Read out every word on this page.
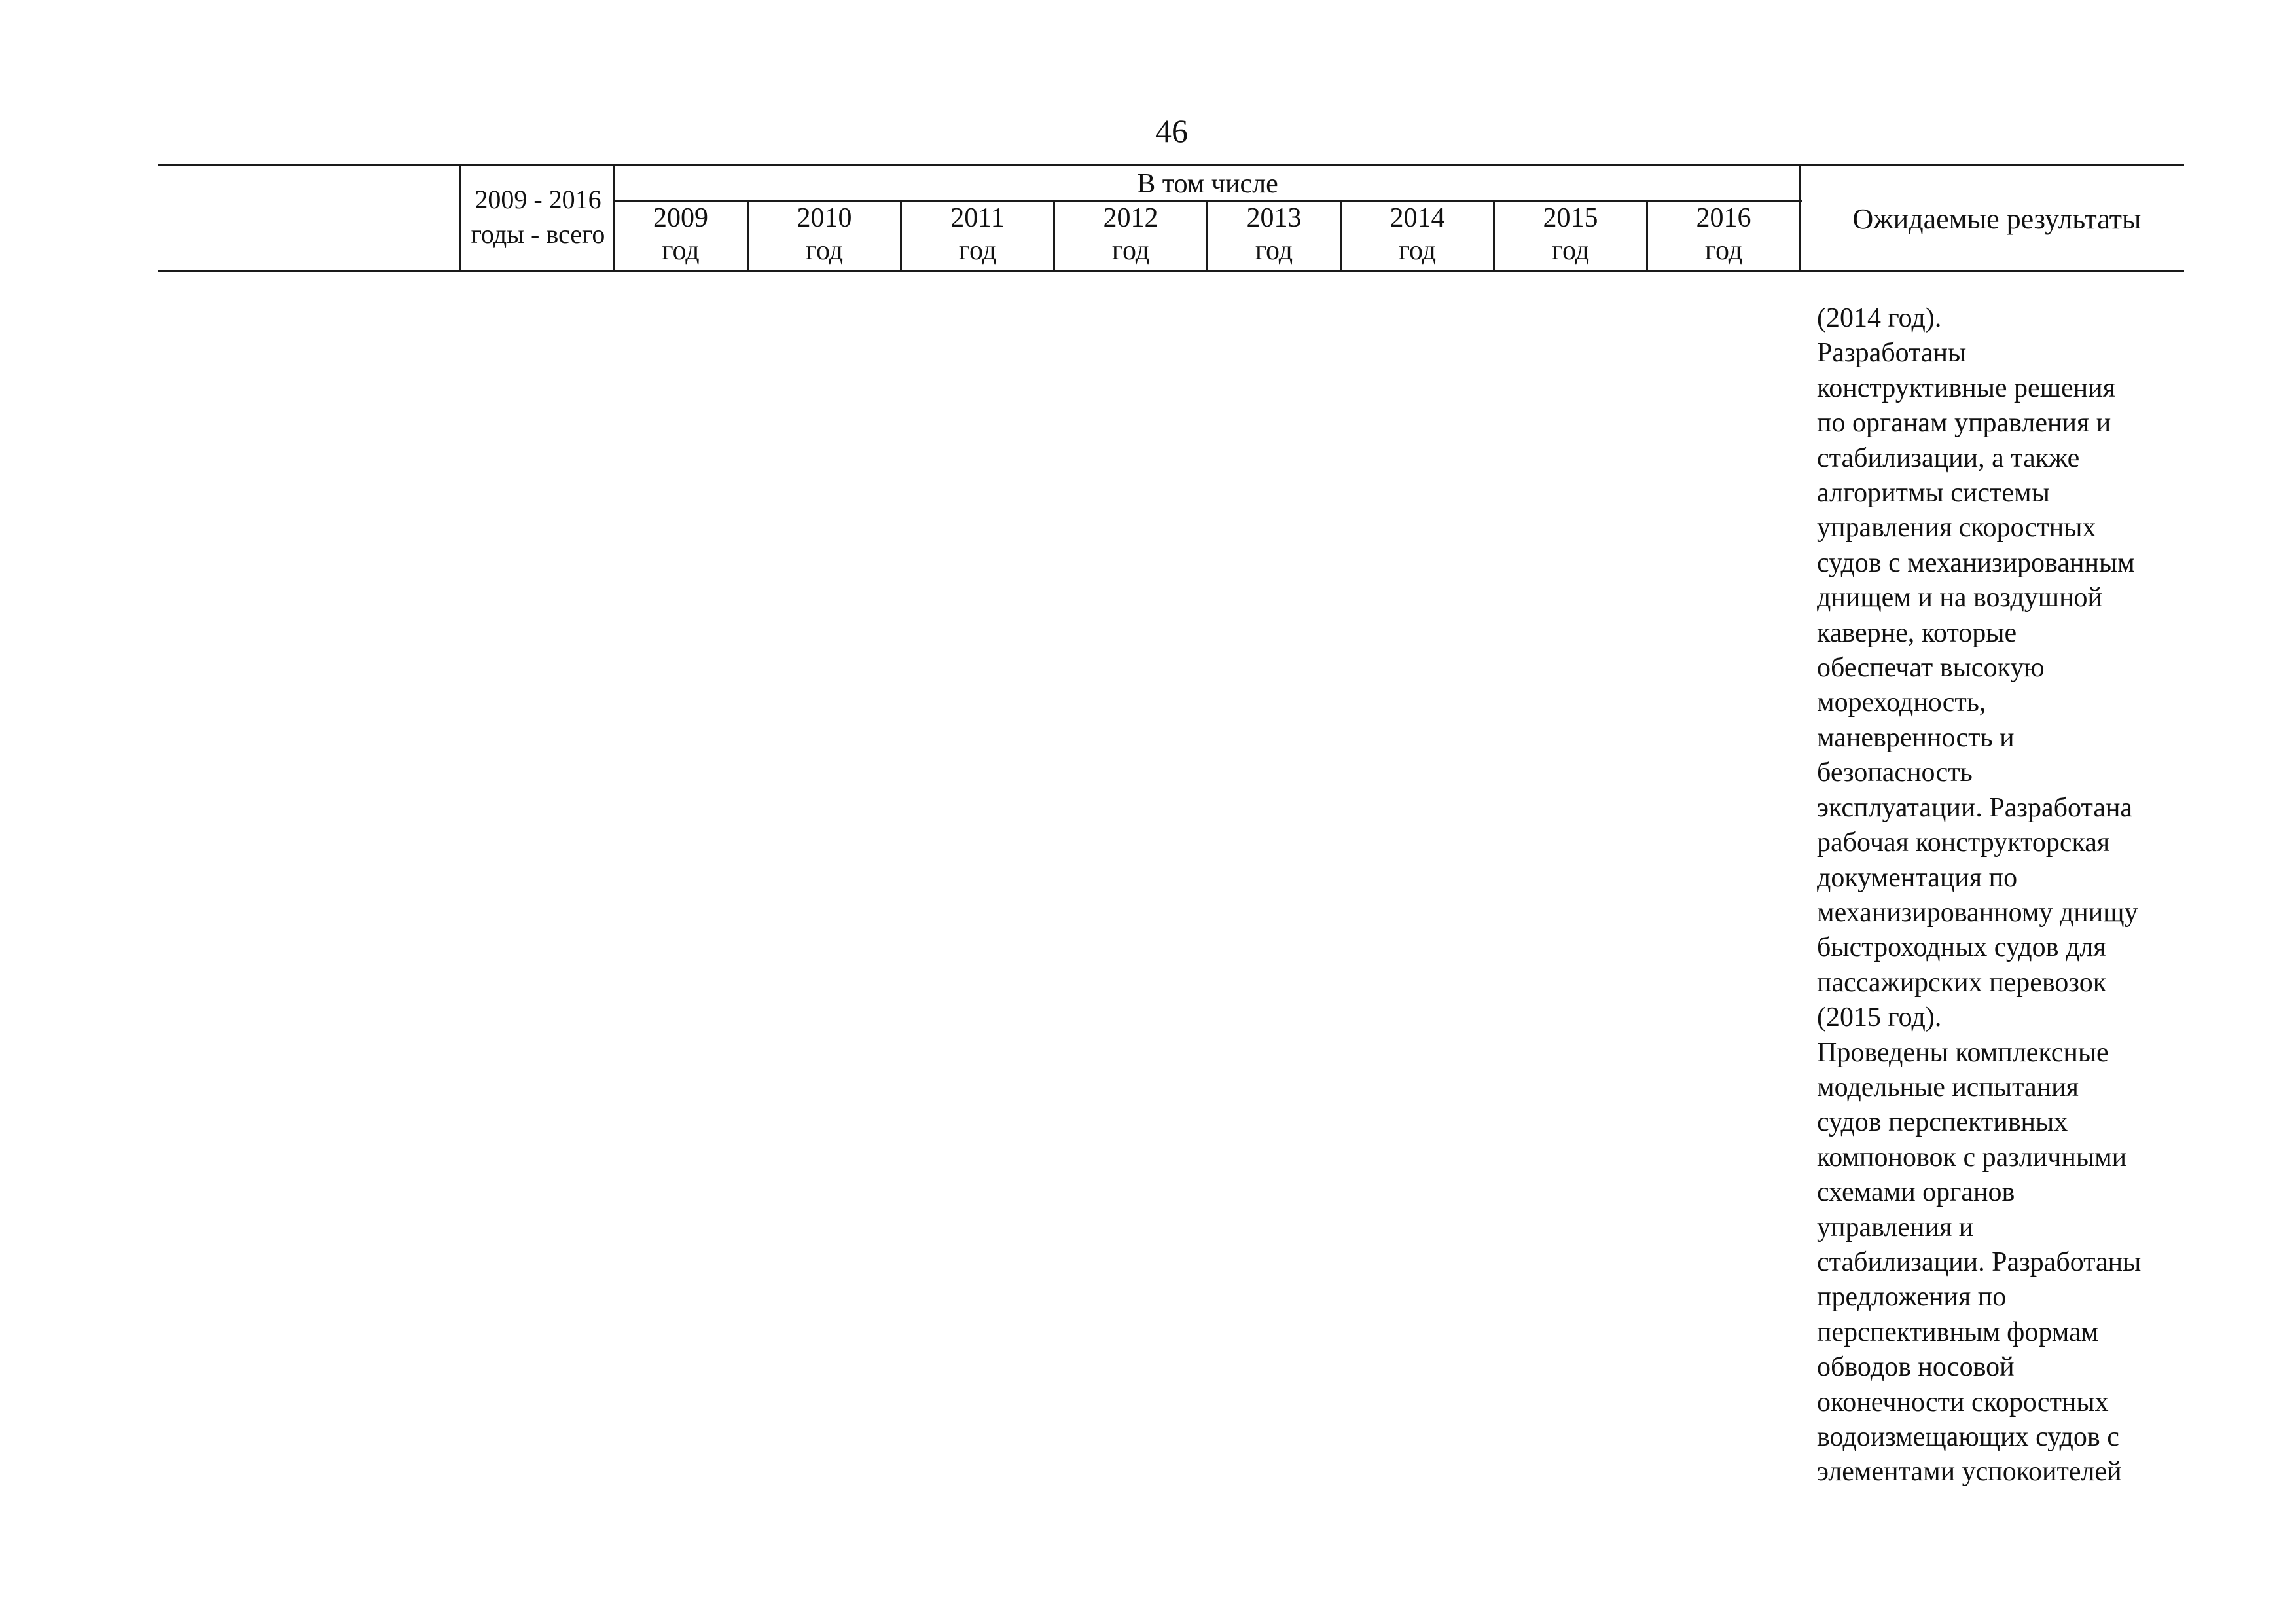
46
2009 - 2016
годы - всего
В том числе
2009
год
2010
год
2011
год
2012
год
2013
год
2014
год
2015
год
2016
год
Ожидаемые результаты
(2014 год).
Разработаны
конструктивные решения
по органам управления и
стабилизации, а также
алгоритмы системы
управления скоростных
судов с механизированным
днищем и на воздушной
каверне, которые
обеспечат высокую
мореходность,
маневренность и
безопасность
эксплуатации. Разработана
рабочая конструкторская
документация по
механизированному днищу
быстроходных судов для
пассажирских перевозок
(2015 год).
Проведены комплексные
модельные испытания
судов перспективных
компоновок с различными
схемами органов
управления и
стабилизации. Разработаны
предложения по
перспективным формам
обводов носовой
оконечности скоростных
водоизмещающих судов с
элементами успокоителей
